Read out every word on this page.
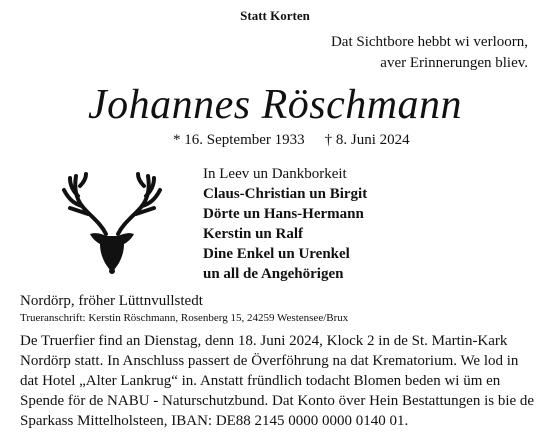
Statt Korten
Dat Sichtbore hebbt wi verloorn,
aver Erinnerungen bliev.
Johannes Röschmann
* 16. September 1933 † 8. Juni 2024
In Leev un Dankborkeit
Claus-Christian un Birgit
Dörte un Hans-Hermann
Kerstin un Ralf
Dine Enkel un Urenkel
un all de Angehörigen
Nordörp, fröher Lüttnvullstedt
Trueranschrift: Kerstin Röschmann, Rosenberg 15, 24259 Westensee/Brux
De Truerfier find an Dienstag, denn 18. Juni 2024, Klock 2 in de St. Martin-Kark
Nordörp statt. In Anschluss passert de Överföhrung na dat Krematorium. We lod in
dat Hotel „Alter Lankrug“ in. Anstatt fründlich todacht Blomen beden wi üm en
Spende för de NABU - Naturschutzbund. Dat Konto över Hein Bestattungen is bie de
Sparkass Mittelholsteen, IBAN: DE88 2145 0000 0000 0140 01.
